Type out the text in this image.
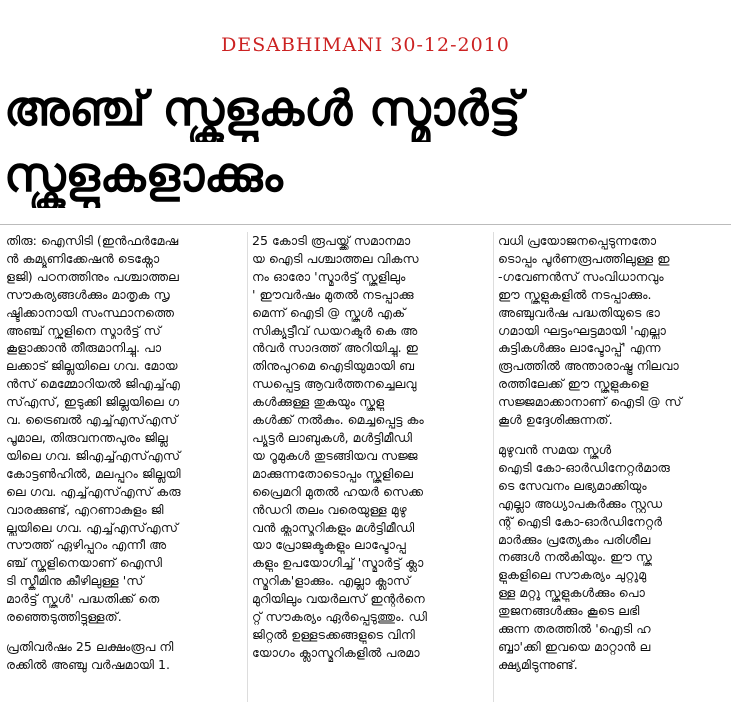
DESABHIMANI 30-12-2010
അഞ്ച് സ്കൂളുകൾ സ്മാർട്ട്
സ്കൂളുകളാക്കും
തിരു: ഐസിടി (ഇൻഫർമേഷ
ൻ കമ്യൂണിക്കേഷൻ ടെക്നോ
ളജി) പഠനത്തിനും പശ്ചാത്തല
സൗകര്യങ്ങൾക്കും മാതൃക സൃ
ഷ്ടിക്കാനായി സംസ്ഥാനത്തെ
അഞ്ച് സ്കൂളിനെ സ്മാർട്ട് സ്
കൂളാക്കാൻ തീരുമാനിച്ചു. പാ
ലക്കാട് ജില്ലയിലെ ഗവ. മോയ
ൻസ് മെമ്മോറിയൽ ജിഎച്ച്എ
സ്എസ്, ഇടുക്കി ജില്ലയിലെ ഗ
വ. ട്രൈബൽ എച്ച്എസ്എസ്
പൂമാല, തിരുവനന്തപുരം ജില്ല
യിലെ ഗവ. ജിഎച്ച്എസ്എസ്
കോട്ടൺഹിൽ, മലപ്പുറം ജില്ലയി
ലെ ഗവ. എച്ച്എസ്എസ് കരു
വാരക്കുണ്ട്, എറണാകുളം ജി
ല്ലയിലെ ഗവ. എച്ച്എസ്എസ്
സൗത്ത് ഏഴിപ്പുറം എന്നീ അ
ഞ്ച് സ്കൂളിനെയാണ് ഐസി
ടി സ്കീമിനു കീഴിലുള്ള 'സ്
മാർട്ട് സ്കൂൾ' പദ്ധതിക്ക് തെ
രഞ്ഞെടുത്തിട്ടുള്ളത്.
പ്രതിവർഷം 25 ലക്ഷംരൂപ നി
രക്കിൽ അഞ്ചു വർഷമായി 1.
25 കോടി രൂപയ്ക്ക് സമാനമാ
യ ഐടി പശ്ചാത്തല വികസ
നം ഓരോ 'സ്മാർട്ട് സ്കൂളിലും
' ഈവർഷം മുതൽ നടപ്പാക്കു
മെന്ന് ഐടി @ സ്കൂൾ എക്
സിക്യൂട്ടീവ് ഡയറക്ടർ കെ അ
ൻവർ സാദത്ത് അറിയിച്ചു. ഇ
തിനുപുറമെ ഐടിയുമായി ബ
ന്ധപ്പെട്ട ആവർത്തനച്ചെലവു
കൾക്കുള്ള തുകയും സ്കൂളു
കൾക്ക് നൽകും. മെച്ചപ്പെട്ട കം
പ്യൂട്ടർ ലാബുകൾ, മൾട്ടിമീഡി
യ റൂമുകൾ തുടങ്ങിയവ സജ്ജ
മാക്കുന്നതോടൊപ്പം സ്കൂളിലെ
പ്രൈമറി മുതൽ ഹയർ സെക്ക
ൻഡറി തലം വരെയുള്ള മുഴു
വൻ ക്ലാസ്മുറികളും മൾട്ടിമീഡി
യാ പ്രോജക്ടുകളും ലാപ്ടോപ്പു
കളും ഉപയോഗിച്ച് 'സ്മാർട്ട് ക്ലാ
സ്മുറിക'ളാക്കും. എല്ലാ ക്ലാസ്
മുറിയിലും വയർലസ് ഇന്റർനെ
റ്റ് സൗകര്യം ഏർപ്പെടുത്തും. ഡി
ജിറ്റൽ ഉള്ളടക്കങ്ങളുടെ വിനി
യോഗം ക്ലാസ്മുറികളിൽ പരമാ
വധി പ്രയോജനപ്പെടുന്നതോ
ടൊപ്പം പൂർണരൂപത്തിലുള്ള ഇ
-ഗവേണൻസ് സംവിധാനവും
ഈ സ്കൂളുകളിൽ നടപ്പാക്കും.
അഞ്ചുവർഷ പദ്ധതിയുടെ ഭാ
ഗമായി ഘട്ടംഘട്ടമായി 'എല്ലാ
കുട്ടികൾക്കും ലാപ്ടോപ്പ്' എന്ന
രൂപത്തിൽ അന്താരാഷ്ട്ര നിലവാ
രത്തിലേക്ക് ഈ സ്കൂളുകളെ
സജ്ജമാക്കാനാണ് ഐടി @ സ്
കൂൾ ഉദ്ദേശിക്കുന്നത്.
മുഴുവൻ സമയ സ്കൂൾ
ഐടി കോ-ഓർഡിനേറ്റർമാരു
ടെ സേവനം ലഭ്യമാക്കിയും
എല്ലാ അധ്യാപകർക്കും സ്റ്റുഡ
ന്റ് ഐടി കോ-ഓർഡിനേറ്റർ
മാർക്കും പ്രത്യേകം പരിശീല
നങ്ങൾ നൽകിയും. ഈ സ്കൂ
ളുകളിലെ സൗകര്യം ചുറ്റുമു
ള്ള മറ്റു സ്കൂളുകൾക്കും പൊ
തുജനങ്ങൾക്കും കൂടെ ലഭി
ക്കുന്ന തരത്തിൽ 'ഐടി ഹ
ബ്ബാ'ക്കി ഇവയെ മാറ്റാൻ ല
ക്ഷ്യമിടുന്നുണ്ട്.
